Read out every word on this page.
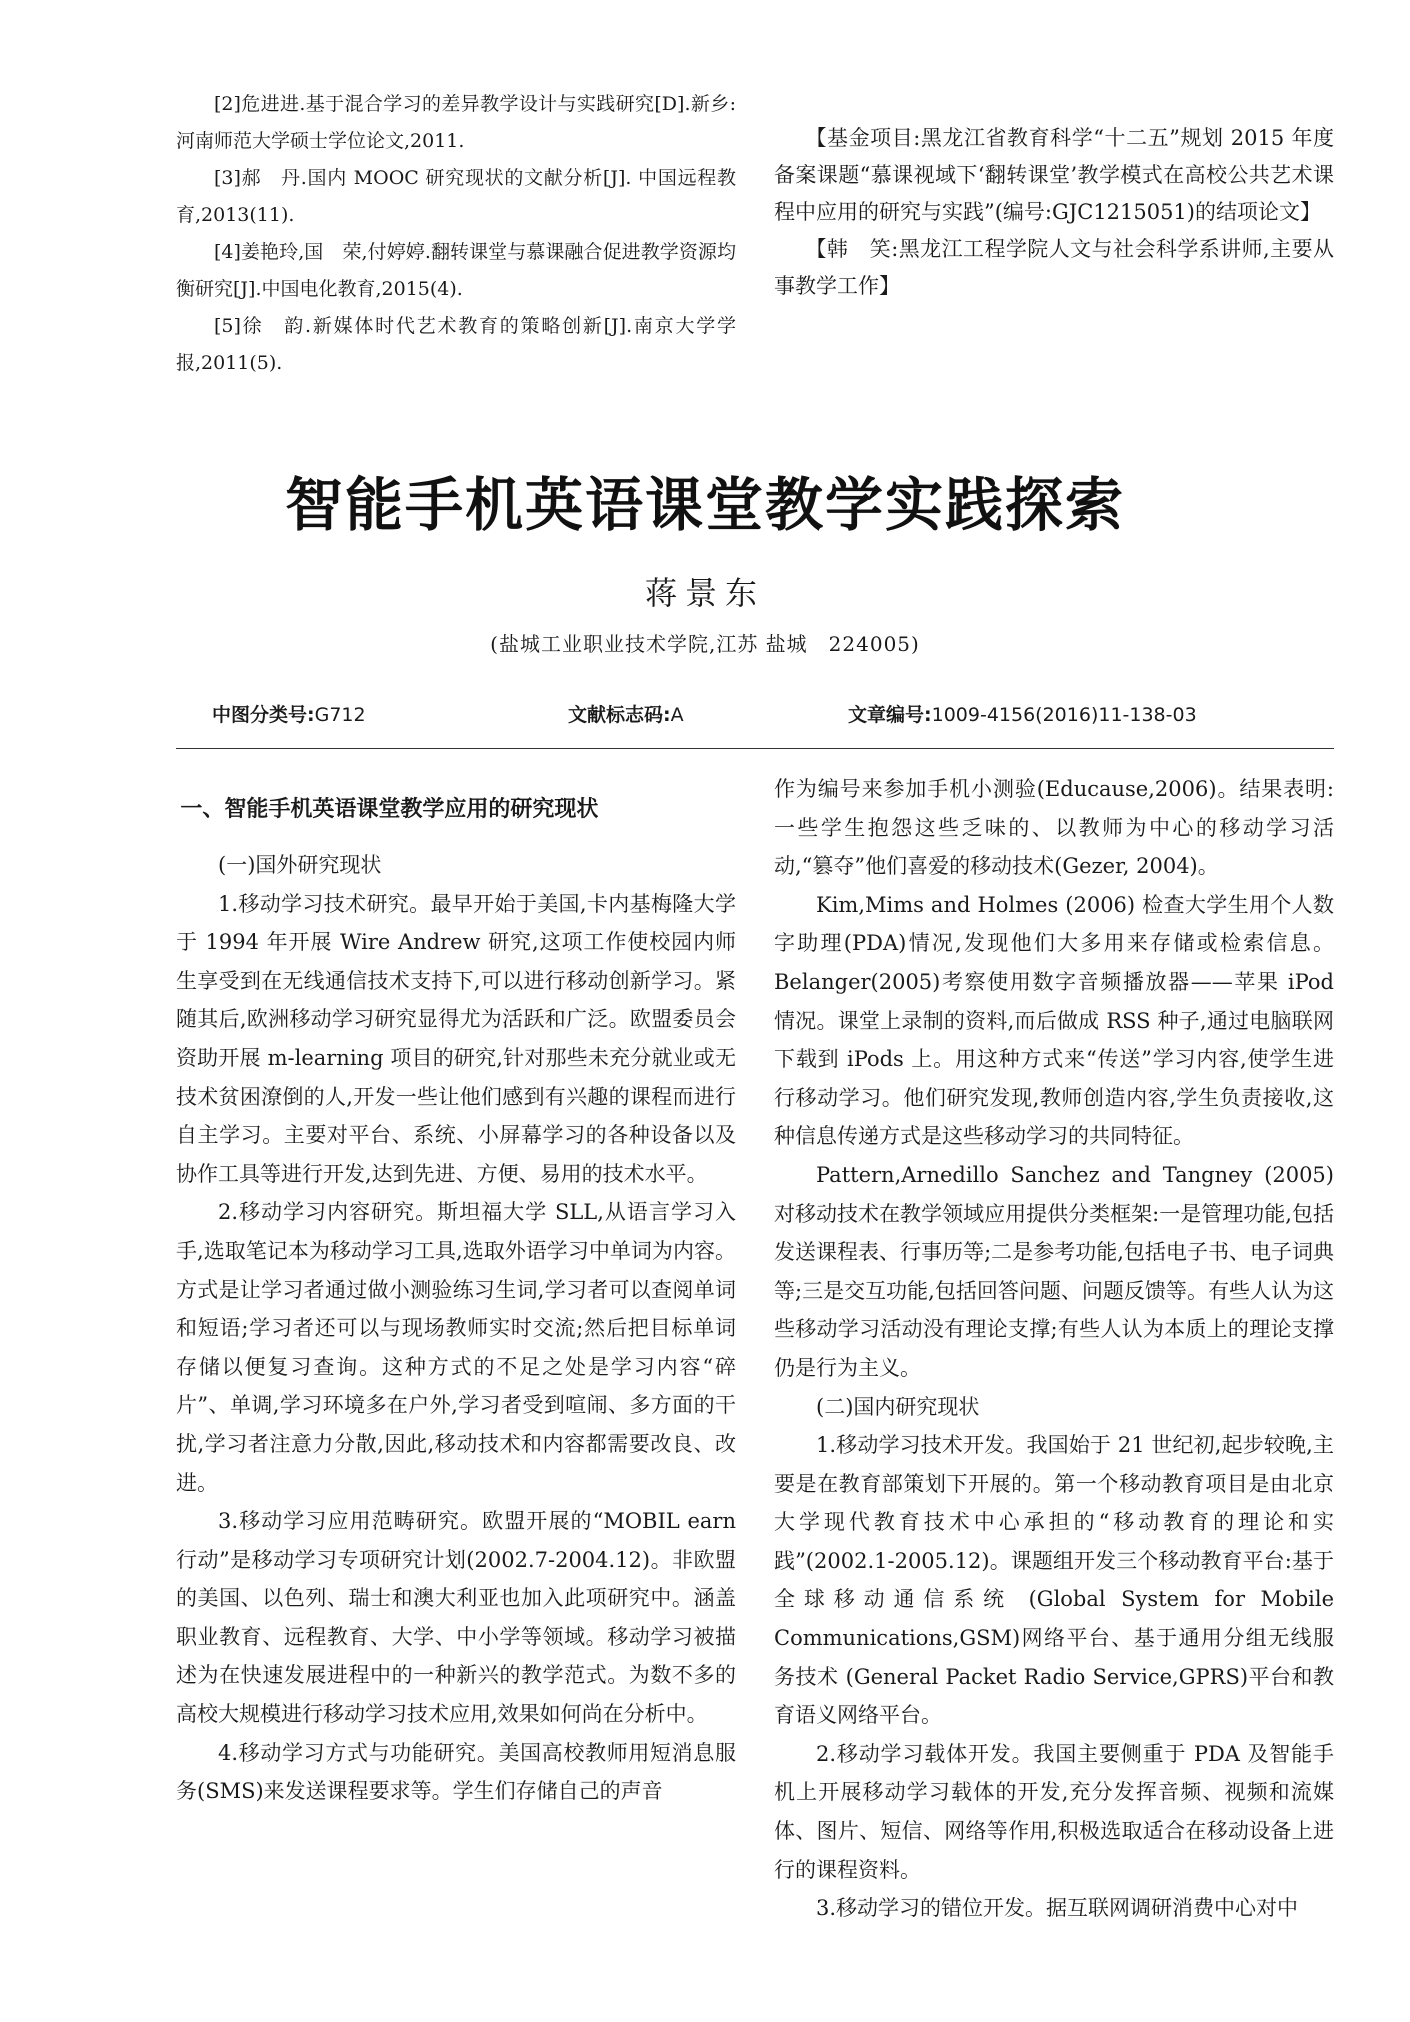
[2]危进进.基于混合学习的差异教学设计与实践研究[D].新乡:河南师范大学硕士学位论文,2011.

[3]郝　丹.国内 MOOC 研究现状的文献分析[J]. 中国远程教育,2013(11).

[4]姜艳玲,国　荣,付婷婷.翻转课堂与慕课融合促进教学资源均衡研究[J].中国电化教育,2015(4).

[5]徐　韵.新媒体时代艺术教育的策略创新[J].南京大学学报,2011(5).

【基金项目:黑龙江省教育科学“十二五”规划 2015 年度备案课题“慕课视域下‘翻转课堂’教学模式在高校公共艺术课程中应用的研究与实践”(编号:GJC1215051)的结项论文】

【韩　笑:黑龙江工程学院人文与社会科学系讲师,主要从事教学工作】

智能手机英语课堂教学实践探索
蒋景东
(盐城工业职业技术学院,江苏 盐城　224005)
中图分类号:G712	文献标志码:A	文章编号:1009-4156(2016)11-138-03
一、智能手机英语课堂教学应用的研究现状

(一)国外研究现状

1.移动学习技术研究。最早开始于美国,卡内基梅隆大学于 1994 年开展 Wire Andrew 研究,这项工作使校园内师生享受到在无线通信技术支持下,可以进行移动创新学习。紧随其后,欧洲移动学习研究显得尤为活跃和广泛。欧盟委员会资助开展 m-learning 项目的研究,针对那些未充分就业或无技术贫困潦倒的人,开发一些让他们感到有兴趣的课程而进行自主学习。主要对平台、系统、小屏幕学习的各种设备以及协作工具等进行开发,达到先进、方便、易用的技术水平。

2.移动学习内容研究。斯坦福大学 SLL,从语言学习入手,选取笔记本为移动学习工具,选取外语学习中单词为内容。方式是让学习者通过做小测验练习生词,学习者可以查阅单词和短语;学习者还可以与现场教师实时交流;然后把目标单词存储以便复习查询。这种方式的不足之处是学习内容“碎片”、单调,学习环境多在户外,学习者受到喧闹、多方面的干扰,学习者注意力分散,因此,移动技术和内容都需要改良、改进。

3.移动学习应用范畴研究。欧盟开展的“MOBIL earn 行动”是移动学习专项研究计划(2002.7-2004.12)。非欧盟的美国、以色列、瑞士和澳大利亚也加入此项研究中。涵盖职业教育、远程教育、大学、中小学等领域。移动学习被描述为在快速发展进程中的一种新兴的教学范式。为数不多的高校大规模进行移动学习技术应用,效果如何尚在分析中。

4.移动学习方式与功能研究。美国高校教师用短消息服务(SMS)来发送课程要求等。学生们存储自己的声音

作为编号来参加手机小测验(Educause,2006)。结果表明:一些学生抱怨这些乏味的、以教师为中心的移动学习活动,“篡夺”他们喜爱的移动技术(Gezer, 2004)。

Kim,Mims and Holmes (2006) 检查大学生用个人数字助理(PDA)情况,发现他们大多用来存储或检索信息。Belanger(2005)考察使用数字音频播放器——苹果 iPod 情况。课堂上录制的资料,而后做成 RSS 种子,通过电脑联网下载到 iPods 上。用这种方式来“传送”学习内容,使学生进行移动学习。他们研究发现,教师创造内容,学生负责接收,这种信息传递方式是这些移动学习的共同特征。

Pattern,Arnedillo Sanchez and Tangney (2005)对移动技术在教学领域应用提供分类框架:一是管理功能,包括发送课程表、行事历等;二是参考功能,包括电子书、电子词典等;三是交互功能,包括回答问题、问题反馈等。有些人认为这些移动学习活动没有理论支撑;有些人认为本质上的理论支撑仍是行为主义。

(二)国内研究现状

1.移动学习技术开发。我国始于 21 世纪初,起步较晚,主要是在教育部策划下开展的。第一个移动教育项目是由北京大学现代教育技术中心承担的“移动教育的理论和实践”(2002.1-2005.12)。课题组开发三个移动教育平台:基于全球移动通信系统 (Global System for Mobile Communications,GSM)网络平台、基于通用分组无线服务技术 (General Packet Radio Service,GPRS)平台和教育语义网络平台。

2.移动学习载体开发。我国主要侧重于 PDA 及智能手机上开展移动学习载体的开发,充分发挥音频、视频和流媒体、图片、短信、网络等作用,积极选取适合在移动设备上进行的课程资料。

3.移动学习的错位开发。据互联网调研消费中心对中
